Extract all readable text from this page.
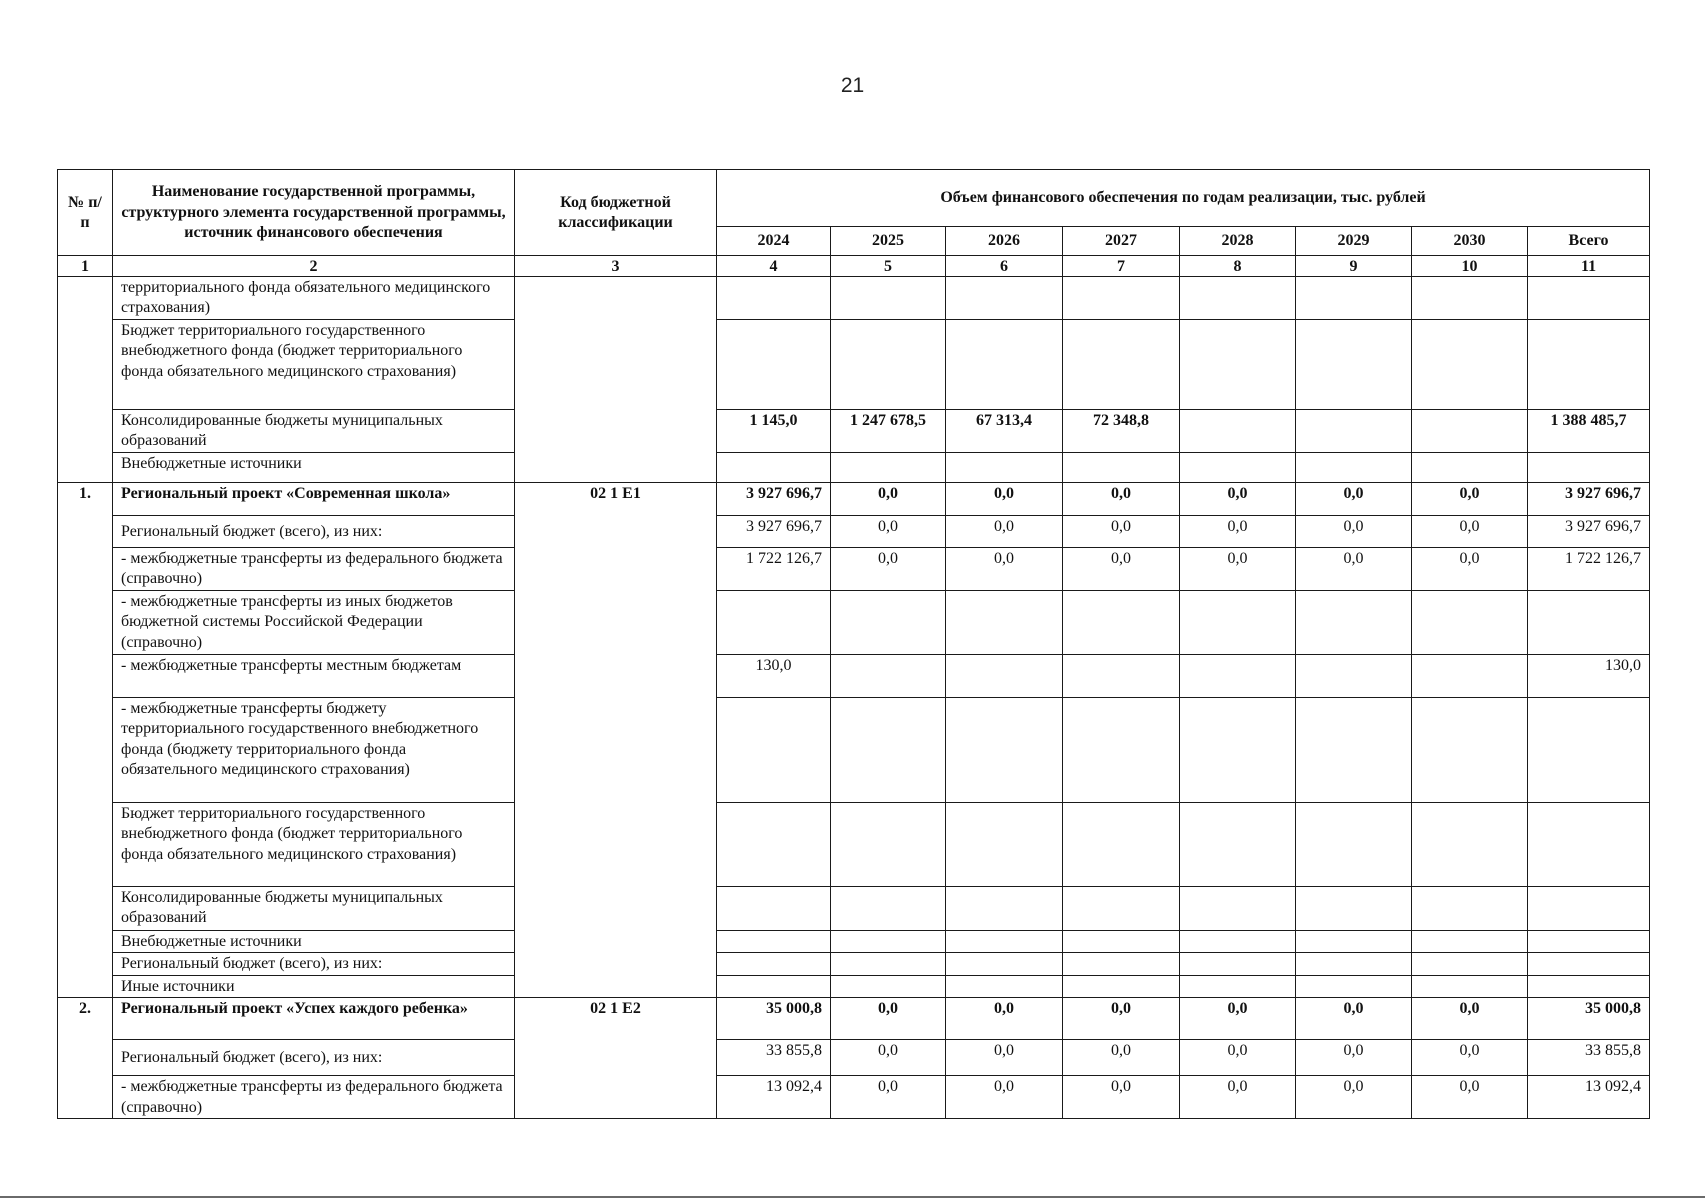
21
№ п/п	Наименование государственной программы, структурного элемента государственной программы, источник финансового обеспечения	Код бюджетной классификации	Объем финансового обеспечения по годам реализации, тыс. рублей							
			2024	2025	2026	2027	2028	2029	2030	Всего
1	2	3	4	5	6	7	8	9	10	11
	территориального фонда обязательного медицинского страхования)									
	Бюджет территориального государственного внебюджетного фонда (бюджет территориального фонда обязательного медицинского страхования)									
	Консолидированные бюджеты муниципальных образований		1 145,0	1 247 678,5	67 313,4	72 348,8				1 388 485,7
	Внебюджетные источники									
1.	Региональный проект «Современная школа»	02 1 E1	3 927 696,7	0,0	0,0	0,0	0,0	0,0	0,0	3 927 696,7
	Региональный бюджет (всего), из них:		3 927 696,7	0,0	0,0	0,0	0,0	0,0	0,0	3 927 696,7
	- межбюджетные трансферты из федерального бюджета (справочно)		1 722 126,7	0,0	0,0	0,0	0,0	0,0	0,0	1 722 126,7
	- межбюджетные трансферты из иных бюджетов бюджетной системы Российской Федерации (справочно)									
	- межбюджетные трансферты местным бюджетам		130,0							130,0
	- межбюджетные трансферты бюджету территориального государственного внебюджетного фонда (бюджету территориального фонда обязательного медицинского страхования)									
	Бюджет территориального государственного внебюджетного фонда (бюджет территориального фонда обязательного медицинского страхования)									
	Консолидированные бюджеты муниципальных образований									
	Внебюджетные источники									
	Региональный бюджет (всего), из них:									
	Иные источники									
2.	Региональный проект «Успех каждого ребенка»	02 1 E2	35 000,8	0,0	0,0	0,0	0,0	0,0	0,0	35 000,8
	Региональный бюджет (всего), из них:		33 855,8	0,0	0,0	0,0	0,0	0,0	0,0	33 855,8
	- межбюджетные трансферты из федерального бюджета (справочно)		13 092,4	0,0	0,0	0,0	0,0	0,0	0,0	13 092,4
